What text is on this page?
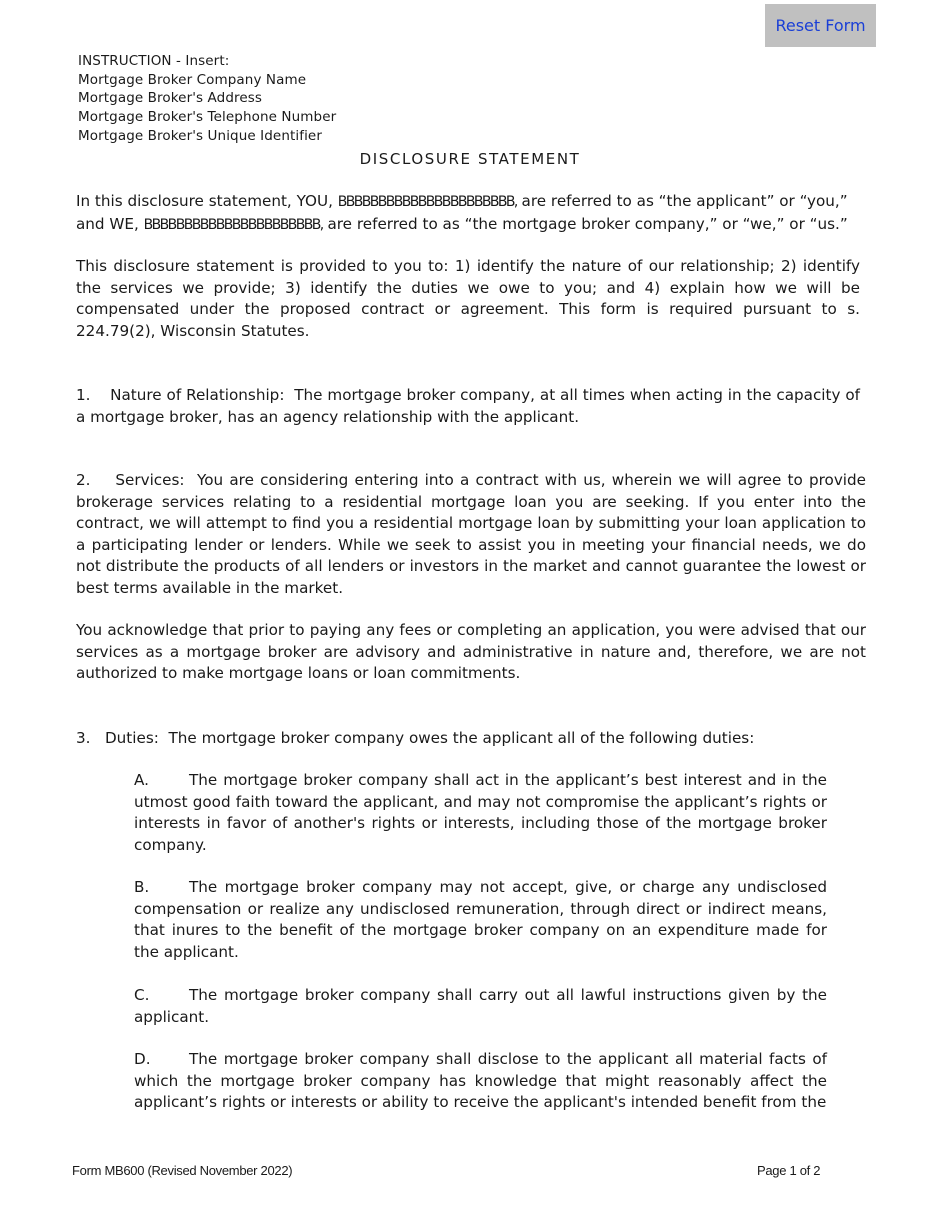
Reset Form
INSTRUCTION - Insert:
Mortgage Broker Company Name
Mortgage Broker's Address
Mortgage Broker's Telephone Number
Mortgage Broker's Unique Identifier
DISCLOSURE STATEMENT
In this disclosure statement, YOU, BBBBBBBBBBBBBBBBBBBBBB, are referred to as “the applicant” or “you,”
and WE, BBBBBBBBBBBBBBBBBBBBBB, are referred to as “the mortgage broker company,” or “we,” or “us.”

This disclosure statement is provided to you to: 1) identify the nature of our relationship; 2) identify the services we provide; 3) identify the duties we owe to you; and 4) explain how we will be compensated under the proposed contract or agreement. This form is required pursuant to s. 224.79(2), Wisconsin Statutes.

1. Nature of Relationship: The mortgage broker company, at all times when acting in the capacity of a mortgage broker, has an agency relationship with the applicant.

2. Services: You are considering entering into a contract with us, wherein we will agree to provide brokerage services relating to a residential mortgage loan you are seeking. If you enter into the contract, we will attempt to find you a residential mortgage loan by submitting your loan application to a participating lender or lenders. While we seek to assist you in meeting your financial needs, we do not distribute the products of all lenders or investors in the market and cannot guarantee the lowest or best terms available in the market.

You acknowledge that prior to paying any fees or completing an application, you were advised that our services as a mortgage broker are advisory and administrative in nature and, therefore, we are not authorized to make mortgage loans or loan commitments.

3. Duties: The mortgage broker company owes the applicant all of the following duties:

A.	The mortgage broker company shall act in the applicant’s best interest and in the utmost good faith toward the applicant, and may not compromise the applicant’s rights or interests in favor of another's rights or interests, including those of the mortgage broker company.

B.	The mortgage broker company may not accept, give, or charge any undisclosed compensation or realize any undisclosed remuneration, through direct or indirect means, that inures to the benefit of the mortgage broker company on an expenditure made for the applicant.

C.	The mortgage broker company shall carry out all lawful instructions given by the applicant.

D.	The mortgage broker company shall disclose to the applicant all material facts of which the mortgage broker company has knowledge that might reasonably affect the applicant’s rights or interests or ability to receive the applicant's intended benefit from the

Form MB600 (Revised November 2022)	Page 1 of 2
